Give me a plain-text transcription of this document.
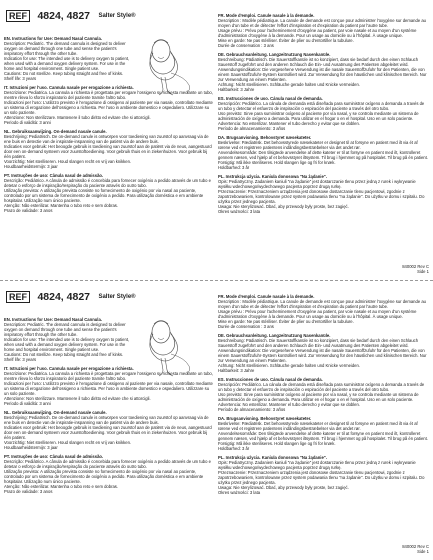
REF 4824, 4827 Salter Style®

EN. Instructions for Use: Demand Nasal Cannula.

Description: Pediatric. The demand cannula is designed to deliver oxygen on demand through one tube and sense the patient's inspiratory effort through the other tube.

Indication for use: The intended use is to delivery oxygen to patient, when used with a demand oxygen delivery system. For use in the home and hospital environment. Single patient use.

Cautions: Do not sterilize. Keep tubing straight and free of kinks.

Shelf life: 3 years

IT. Istruzioni per l'uso. Cannula nasale per erogazione a richiesta.

Descrizione: Pediatrica. La cannula a richiesta è progettata per erogare l'ossigeno su richiesta mediante un tubo, mentre rileva lo sforzo inspiratorio del paziente tramite l'altro tubo.

Indicazioni per l'uso: L'utilizzo previsto è l'erogazione di ossigeno al paziente per via nasale, controllato mediante un sistema di erogazione dell'ossigeno a richiesta. Per l'uso in ambiente domestico e ospedaliero. Utilizzare su un solo paziente.

Attenzione: Non sterilizzare. Mantenere il tubo diritto ed evitare che si attorcigli.

Periodo di validità: 3 anni

NL. Gebruiksaanwijzing. On-demand nasale canule.

Beschrijving: Pediatrisch. De on-demand canule is ontworpen voor toediening van zuurstof op aanvraag via de ene buis en detectie van de inspiratie-inspanning van de patiënt via de andere buis.

Indicaties voor gebruik: Het beoogde gebruik is toediening van zuurstof aan de patiënt via de neus, aangestuurd door een on-demand systeem voor zuurstoftoediening. Voor gebruik thuis en in ziekenhuizen. Voor gebruik bij één patiënt.

Voorzichtig: Niet steriliseren. Houd slangen recht en vrij van knikken.

Houdbaarheidstermijn: 3 jaar

PT. Instruções de uso: Cânula nasal de admissão.

Descrição: Pediátrico. A cânula de admissão é concebida para fornecer oxigénio a pedido através de um tubo e detetar o esforço de inspiração/respiração do paciente através do outro tubo.

Utilização prevista: A utilização prevista consiste no fornecimento de oxigénio por via nasal ao paciente, controlado por um sistema de fornecimento de oxigénio a pedido. Para utilização doméstica e em ambiente hospitalar. Utilização num único paciente.

Atenção: Não esterilizar. Mantenha o tubo reto e sem dobras.

Prazo de validade: 3 anos

FR. Mode d'emploi. Canule nasale à la demande.

Description : Modèle pédiatrique. La canule de demande est conçue pour administrer l'oxygène sur demande au moyen d'un tube et de détecter l'effort d'inspiration et d'expiration du patient par l'autre tube.

Usage prévu : Prévu pour l'acheminement d'oxygène au patient, par voie nasale et au moyen d'un système d'administration d'oxygène à la demande. Pour un usage au domicile ou à l'hôpital. À usage unique.

Mise en garde: Ne pas stériliser. Éviter de plier ou d'entortiller la tubulure.

Durée de conservation : 3 ans

DE. Gebrauchsanleitung. Langzeitnutzung Nasenkanüle.

Beschreibung: Pädiatrisch. Die Sauerstoffkanüle ist so konzipiert, dass sie bedarf durch den einen Schlauch Sauerstoff zugeführt und den anderen Schlauch die Ein- und Ausatmung des Patienten abgeleitet wird.

Anwendungsindikation: Die vorgesehene Verwendung ist die nasale Sauerstoffzufuhr für den Patienten, die von einem Sauerstoffzufuhr-System kontrolliert wird. Zur Verwendung für den häuslichen und klinischen Bereich. Nur zur Verwendung an einem Patienten.

Achtung: Nicht sterilisieren. Schläuche gerade halten und Knicke vermeiden.

Haltbarkeit: 3 Jahre

ES. Instrucciones de uso. Cánula nasal de demanda.

Descripción: Pediátrico. La cánula de demanda está diseñada para suministrar oxígeno a demanda a través de un tubo y detectar el esfuerzo de inspiración o espiración del paciente a través del otro tubo.

Uso previsto: Sirve para suministrar oxígeno al paciente por vía nasal, y se controla mediante un sistema de administración de oxígeno a demanda. Para utilizar en el hogar o en el hospital. Uso en un solo paciente.

Advertencia: No esterilizar. Mantener el tubo derecho y evitar que se doblen.

Período de almacenamiento: 3 años

DA. Brugsanvisning. Behovstyret næsekateter.

Beskrivelse: Pædiatrisk. Det behovsstyrede næsekateter er designet til at forsyne en patient med ilt via ét af rørene ved et registrere patientens indåndingsbestræbelser via det andet rør.

Anvendelsesområde: Den tilsigtede anvendelse af dette kateter er til at forsyne en patient med ilt, kontrolleret gennem næsen, ved hjælp af et behovsstyret iltsystem. Til brug i hjemmet og på hospitalet. Til brug på én patient.

Forsigtig: Må ikke steriliseres. Hold slangen lige og fri for knæk.

Holdbarhed: 3 år

PL. Instrukcja użycia. Kaniula donosowa "Na żądanie".

Opis: Pediatryczny. Zadaniem kaniuli "na żądanie" jest dostarczanie tlenu przez jedną z rurek i wykrywanie wysiłku wdechowego/wydechowego pacjenta poprzez drugą rurkę.

Przeznaczenie: Przeznaczeniem urządzenia jest donosowe dostarczanie tlenu pacjentowi, zgodnie z zapotrzebowaniem, kontrolowane przez system podawania tlenu "na żądanie". Do użytku w domu i szpitalu. Do użytku przez jednego pacjenta.

Uwaga: Nie sterylizować. Dbać, aby przewody były proste, bez zagięć.

Okres ważności: 3 lata

840002 Rev C
Side 1
REF 4824, 4827 Salter Style®

EN. Instructions for Use: Demand Nasal Cannula.

Description: Pediatric. The demand cannula is designed to deliver oxygen on demand through one tube and sense the patient's inspiratory effort through the other tube.

Indication for use: The intended use is to delivery oxygen to patient, when used with a demand oxygen delivery system. For use in the home and hospital environment. Single patient use.

Cautions: Do not sterilize. Keep tubing straight and free of kinks.

Shelf life: 3 years

IT. Istruzioni per l'uso. Cannula nasale per erogazione a richiesta.

Descrizione: Pediatrica. La cannula a richiesta è progettata per erogare l'ossigeno su richiesta mediante un tubo, mentre rileva lo sforzo inspiratorio del paziente tramite l'altro tubo.

Indicazioni per l'uso: L'utilizzo previsto è l'erogazione di ossigeno al paziente per via nasale, controllato mediante un sistema di erogazione dell'ossigeno a richiesta. Per l'uso in ambiente domestico e ospedaliero. Utilizzare su un solo paziente.

Attenzione: Non sterilizzare. Mantenere il tubo diritto ed evitare che si attorcigli.

Periodo di validità: 3 anni

NL. Gebruiksaanwijzing. On-demand nasale canule.

Beschrijving: Pediatrisch. De on-demand canule is ontworpen voor toediening van zuurstof op aanvraag via de ene buis en detectie van de inspiratie-inspanning van de patiënt via de andere buis.

Indicaties voor gebruik: Het beoogde gebruik is toediening van zuurstof aan de patiënt via de neus, aangestuurd door een on-demand systeem voor zuurstoftoediening. Voor gebruik thuis en in ziekenhuizen. Voor gebruik bij één patiënt.

Voorzichtig: Niet steriliseren. Houd slangen recht en vrij van knikken.

Houdbaarheidstermijn: 3 jaar

PT. Instruções de uso: Cânula nasal de admissão.

Descrição: Pediátrico. A cânula de admissão é concebida para fornecer oxigénio a pedido através de um tubo e detetar o esforço de inspiração/respiração do paciente através do outro tubo.

Utilização prevista: A utilização prevista consiste no fornecimento de oxigénio por via nasal ao paciente, controlado por um sistema de fornecimento de oxigénio a pedido. Para utilização doméstica e em ambiente hospitalar. Utilização num único paciente.

Atenção: Não esterilizar. Mantenha o tubo reto e sem dobras.

Prazo de validade: 3 anos

FR. Mode d'emploi. Canule nasale à la demande.

Description : Modèle pédiatrique. La canule de demande est conçue pour administrer l'oxygène sur demande au moyen d'un tube et de détecter l'effort d'inspiration et d'expiration du patient par l'autre tube.

Usage prévu : Prévu pour l'acheminement d'oxygène au patient, par voie nasale et au moyen d'un système d'administration d'oxygène à la demande. Pour un usage au domicile ou à l'hôpital. À usage unique.

Mise en garde: Ne pas stériliser. Éviter de plier ou d'entortiller la tubulure.

Durée de conservation : 3 ans

DE. Gebrauchsanleitung. Langzeitnutzung Nasenkanüle.

Beschreibung: Pädiatrisch. Die Sauerstoffkanüle ist so konzipiert, dass sie bedarf durch den einen Schlauch Sauerstoff zugeführt und den anderen Schlauch die Ein- und Ausatmung des Patienten abgeleitet wird.

Anwendungsindikation: Die vorgesehene Verwendung ist die nasale Sauerstoffzufuhr für den Patienten, die von einem Sauerstoffzufuhr-System kontrolliert wird. Zur Verwendung für den häuslichen und klinischen Bereich. Nur zur Verwendung an einem Patienten.

Achtung: Nicht sterilisieren. Schläuche gerade halten und Knicke vermeiden.

Haltbarkeit: 3 Jahre

ES. Instrucciones de uso. Cánula nasal de demanda.

Descripción: Pediátrico. La cánula de demanda está diseñada para suministrar oxígeno a demanda a través de un tubo y detectar el esfuerzo de inspiración o espiración del paciente a través del otro tubo.

Uso previsto: Sirve para suministrar oxígeno al paciente por vía nasal, y se controla mediante un sistema de administración de oxígeno a demanda. Para utilizar en el hogar o en el hospital. Uso en un solo paciente.

Advertencia: No esterilizar. Mantener el tubo derecho y evitar que se doblen.

Período de almacenamiento: 3 años

DA. Brugsanvisning. Behovstyret næsekateter.

Beskrivelse: Pædiatrisk. Det behovsstyrede næsekateter er designet til at forsyne en patient med ilt via ét af rørene ved et registrere patientens indåndingsbestræbelser via det andet rør.

Anvendelsesområde: Den tilsigtede anvendelse af dette kateter er til at forsyne en patient med ilt, kontrolleret gennem næsen, ved hjælp af et behovsstyret iltsystem. Til brug i hjemmet og på hospitalet. Til brug på én patient.

Forsigtig: Må ikke steriliseres. Hold slangen lige og fri for knæk.

Holdbarhed: 3 år

PL. Instrukcja użycia. Kaniula donosowa "Na żądanie".

Opis: Pediatryczny. Zadaniem kaniuli "na żądanie" jest dostarczanie tlenu przez jedną z rurek i wykrywanie wysiłku wdechowego/wydechowego pacjenta poprzez drugą rurkę.

Przeznaczenie: Przeznaczeniem urządzenia jest donosowe dostarczanie tlenu pacjentowi, zgodnie z zapotrzebowaniem, kontrolowane przez system podawania tlenu "na żądanie". Do użytku w domu i szpitalu. Do użytku przez jednego pacjenta.

Uwaga: Nie sterylizować. Dbać, aby przewody były proste, bez zagięć.

Okres ważności: 3 lata

840002 Rev C
Side 1
